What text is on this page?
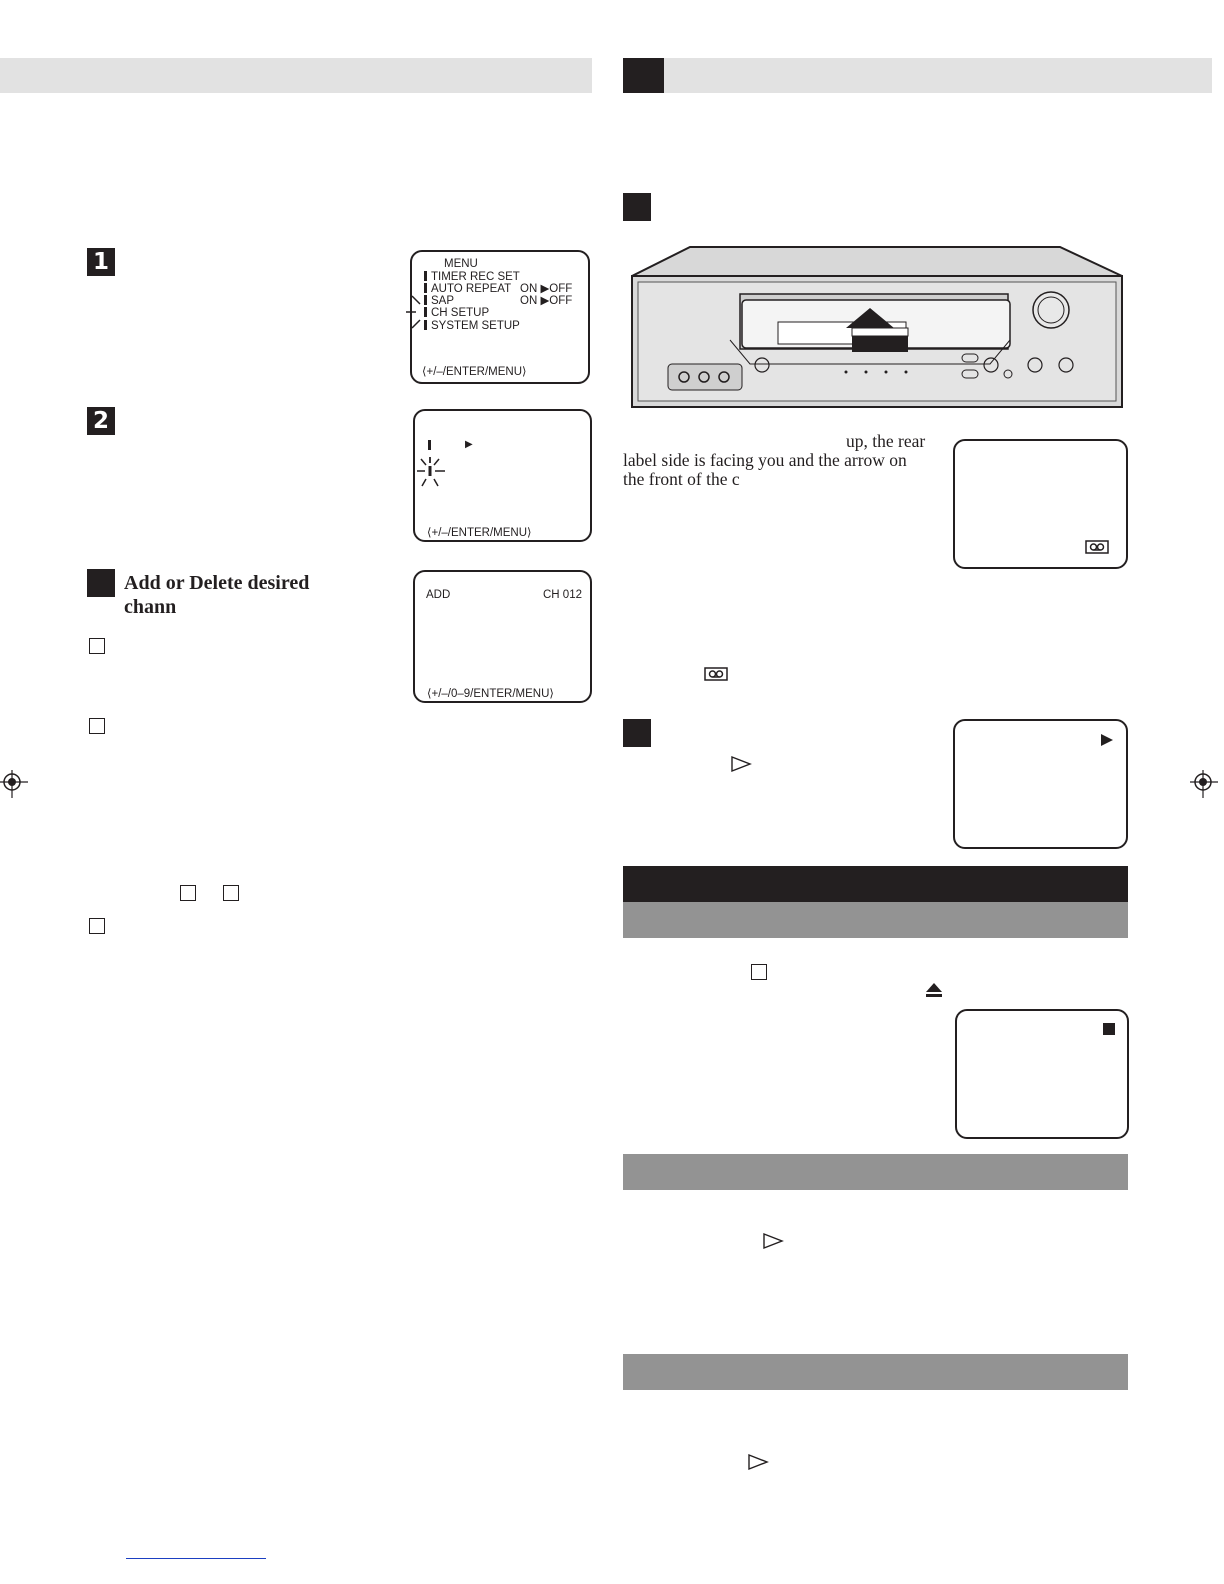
1	MENU
TIMER REC SET
AUTO REPEAT ON ▶OFF
SAP	ON ▶OFF
CH SETUP
SYSTEM SETUP
⟨+/–/ENTER/MENU⟩
2
▶
⟨+/–/ENTER/MENU⟩
Add or Delete desired
chann
ADD	CH 012
⟨+/–/0–9/ENTER/MENU⟩
up, the rear
label side is facing you and the arrow on
the front of the c
